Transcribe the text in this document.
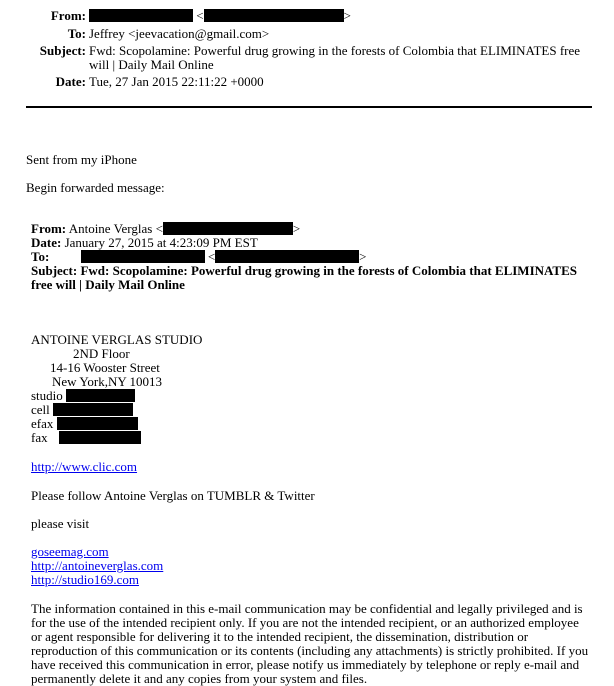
From:	<	>
To: Jeffrey <jeevacation@gmail.com>
Subject: Fwd: Scopolamine: Powerful drug growing in the forests of Colombia that ELIMINATES free will | Daily Mail Online
Date: Tue, 27 Jan 2015 22:11:22 +0000
Sent from my iPhone
Begin forwarded message:
From: Antoine Verglas <	>
Date: January 27, 2015 at 4:23:09 PM EST
To:	<	>
Subject: Fwd: Scopolamine: Powerful drug growing in the forests of Colombia that ELIMINATES free will | Daily Mail Online
ANTOINE VERGLAS STUDIO
2ND Floor
14-16 Wooster Street
New York,NY 10013
studio
cell
efax
fax
http://www.clic.com
Please follow Antoine Verglas on TUMBLR & Twitter
please visit
goseemag.com
http://antoineverglas.com
http://studio169.com
The information contained in this e-mail communication may be confidential and legally privileged and is for the use of the intended recipient only. If you are not the intended recipient, or an authorized employee or agent responsible for delivering it to the intended recipient, the dissemination, distribution or reproduction of this communication or its contents (including any attachments) is strictly prohibited. If you have received this communication in error, please notify us immediately by telephone or reply e-mail and permanently delete it and any copies from your system and files.
